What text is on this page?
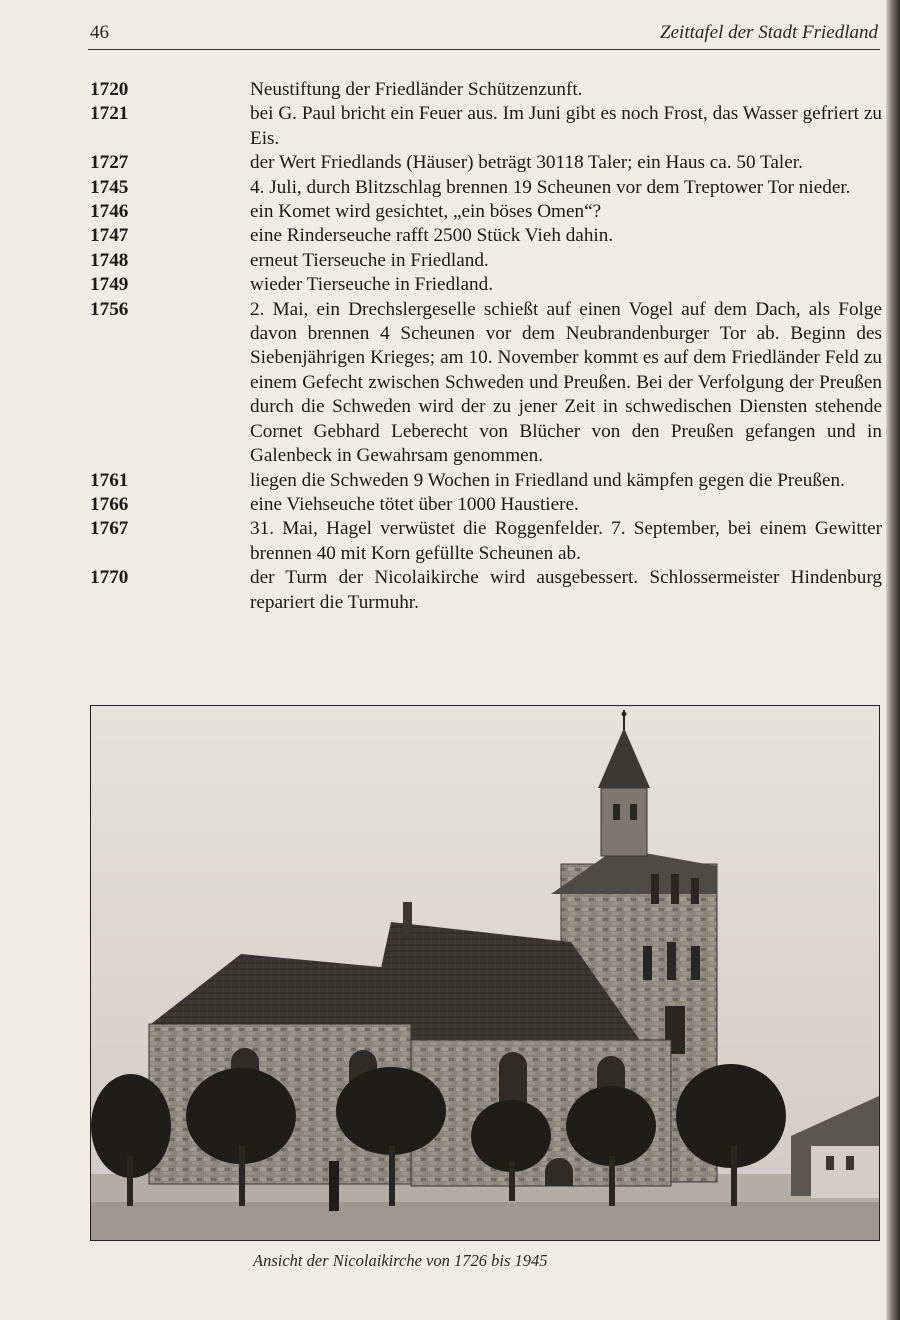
46	Zeittafel der Stadt Friedland
1720	Neustiftung der Friedländer Schützenzunft.
1721	bei G. Paul bricht ein Feuer aus. Im Juni gibt es noch Frost, das Wasser gefriert zu Eis.
1727	der Wert Friedlands (Häuser) beträgt 30118 Taler; ein Haus ca. 50 Taler.
1745	4. Juli, durch Blitzschlag brennen 19 Scheunen vor dem Treptower Tor nieder.
1746	ein Komet wird gesichtet, „ein böses Omen“?
1747	eine Rinderseuche rafft 2500 Stück Vieh dahin.
1748	erneut Tierseuche in Friedland.
1749	wieder Tierseuche in Friedland.
1756	2. Mai, ein Drechslergeselle schießt auf einen Vogel auf dem Dach, als Folge davon brennen 4 Scheunen vor dem Neubrandenburger Tor ab. Beginn des Siebenjährigen Krieges; am 10. November kommt es auf dem Friedländer Feld zu einem Gefecht zwischen Schweden und Preußen. Bei der Verfolgung der Preußen durch die Schweden wird der zu jener Zeit in schwedischen Diensten stehende Cornet Gebhard Leberecht von Blücher von den Preußen gefangen und in Galenbeck in Gewahrsam genommen.
1761	liegen die Schweden 9 Wochen in Friedland und kämpfen gegen die Preußen.
1766	eine Viehseuche tötet über 1000 Haustiere.
1767	31. Mai, Hagel verwüstet die Roggenfelder. 7. September, bei einem Gewitter brennen 40 mit Korn gefüllte Scheunen ab.
1770	der Turm der Nicolaikirche wird ausgebessert. Schlossermeister Hindenburg repariert die Turmuhr.
Ansicht der Nicolaikirche von 1726 bis 1945
